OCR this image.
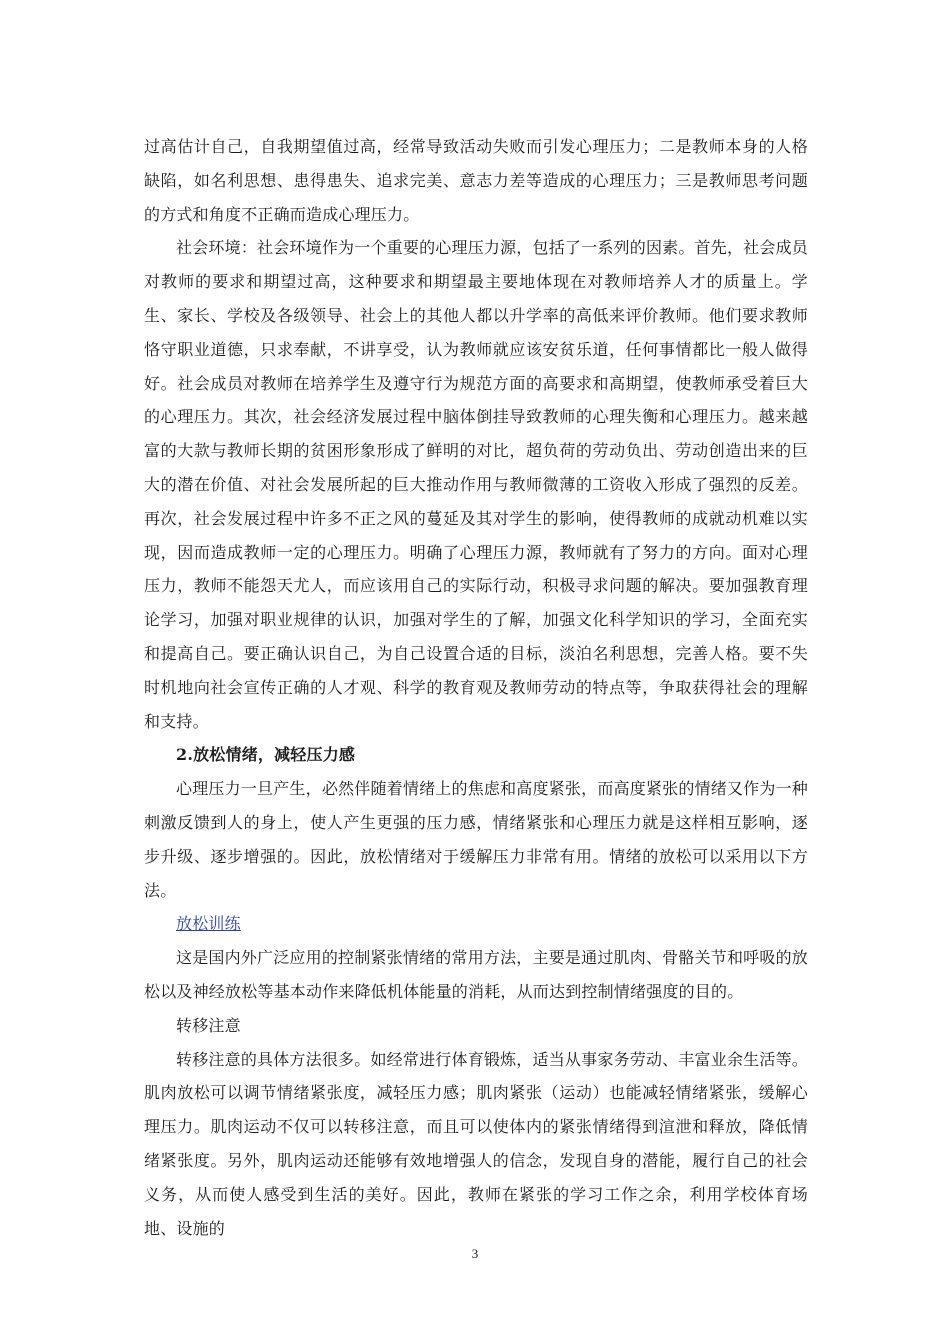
过高估计自己，自我期望值过高，经常导致活动失败而引发心理压力；二是教师本身的人格缺陷，如名利思想、患得患失、追求完美、意志力差等造成的心理压力；三是教师思考问题的方式和角度不正确而造成心理压力。

社会环境：社会环境作为一个重要的心理压力源，包括了一系列的因素。首先，社会成员对教师的要求和期望过高，这种要求和期望最主要地体现在对教师培养人才的质量上。学生、家长、学校及各级领导、社会上的其他人都以升学率的高低来评价教师。他们要求教师恪守职业道德，只求奉献，不讲享受，认为教师就应该安贫乐道，任何事情都比一般人做得好。社会成员对教师在培养学生及遵守行为规范方面的高要求和高期望，使教师承受着巨大的心理压力。其次，社会经济发展过程中脑体倒挂导致教师的心理失衡和心理压力。越来越富的大款与教师长期的贫困形象形成了鲜明的对比，超负荷的劳动负出、劳动创造出来的巨大的潜在价值、对社会发展所起的巨大推动作用与教师微薄的工资收入形成了强烈的反差。再次，社会发展过程中许多不正之风的蔓延及其对学生的影响，使得教师的成就动机难以实现，因而造成教师一定的心理压力。明确了心理压力源，教师就有了努力的方向。面对心理压力，教师不能怨天尤人，而应该用自己的实际行动，积极寻求问题的解决。要加强教育理论学习，加强对职业规律的认识，加强对学生的了解，加强文化科学知识的学习，全面充实和提高自己。要正确认识自己，为自己设置合适的目标，淡泊名利思想，完善人格。要不失时机地向社会宣传正确的人才观、科学的教育观及教师劳动的特点等，争取获得社会的理解和支持。

2.放松情绪，减轻压力感

心理压力一旦产生，必然伴随着情绪上的焦虑和高度紧张，而高度紧张的情绪又作为一种刺激反馈到人的身上，使人产生更强的压力感，情绪紧张和心理压力就是这样相互影响，逐步升级、逐步增强的。因此，放松情绪对于缓解压力非常有用。情绪的放松可以采用以下方法。

放松训练

这是国内外广泛应用的控制紧张情绪的常用方法，主要是通过肌肉、骨骼关节和呼吸的放松以及神经放松等基本动作来降低机体能量的消耗，从而达到控制情绪强度的目的。

转移注意

转移注意的具体方法很多。如经常进行体育锻炼，适当从事家务劳动、丰富业余生活等。肌肉放松可以调节情绪紧张度，减轻压力感；肌肉紧张（运动）也能减轻情绪紧张，缓解心理压力。肌肉运动不仅可以转移注意，而且可以使体内的紧张情绪得到渲泄和释放，降低情绪紧张度。另外，肌肉运动还能够有效地增强人的信念，发现自身的潜能，履行自己的社会义务，从而使人感受到生活的美好。因此，教师在紧张的学习工作之余，利用学校体育场地、设施的

3
